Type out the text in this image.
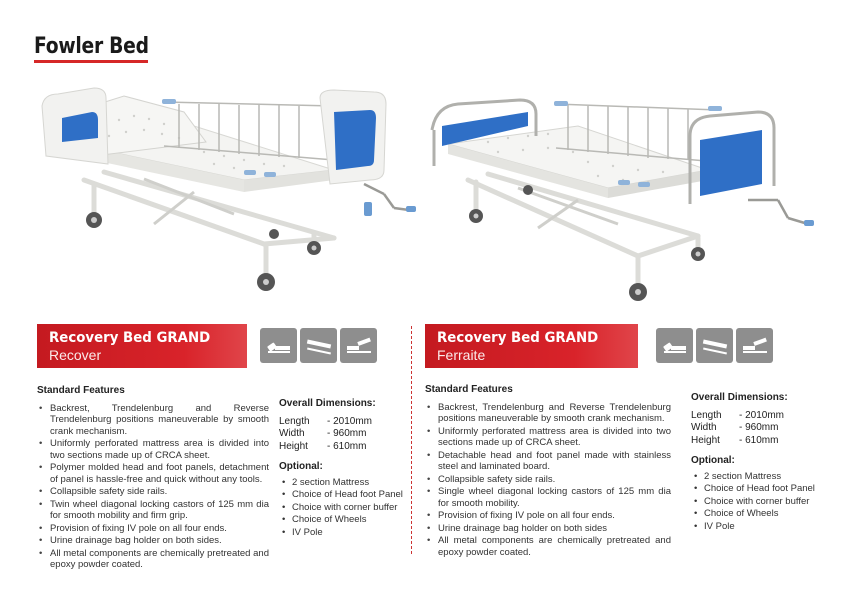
Fowler Bed
Recovery Bed GRAND
Recover
Standard Features
• Backrest, Trendelenburg and Reverse Trendelenburg positions maneuverable by smooth crank mechanism.
• Uniformly perforated mattress area is divided into two sections made up of CRCA sheet.
• Polymer molded head and foot panels, detachment of panel is hassle-free and quick without any tools.
• Collapsible safety side rails.
• Twin wheel diagonal locking castors of 125 mm dia for smooth mobility and firm grip.
• Provision of fixing IV pole on all four ends.
• Urine drainage bag holder on both sides.
• All metal components are chemically pretreated and epoxy powder coated.
Overall Dimensions:
Length	- 2010mm
Width	- 960mm
Height	- 610mm
Optional:
• 2 section Mattress
• Choice of Head foot Panel
• Choice with corner buffer
• Choice of Wheels
• IV Pole
Recovery Bed GRAND
Ferraite
Standard Features
• Backrest, Trendelenburg and Reverse Trendelenburg positions maneuverable by smooth crank mechanism.
• Uniformly perforated mattress area is divided into two sections made up of CRCA sheet.
• Detachable head and foot panel made with stainless steel and laminated board.
• Collapsible safety side rails.
• Single wheel diagonal locking castors of 125 mm dia for smooth mobility.
• Provision of fixing IV pole on all four ends.
• Urine drainage bag holder on both sides
• All metal components are chemically pretreated and epoxy powder coated.
Overall Dimensions:
Length	- 2010mm
Width	- 960mm
Height	- 610mm
Optional:
• 2 section Mattress
• Choice of Head foot Panel
• Choice with corner buffer
• Choice of Wheels
• IV Pole
